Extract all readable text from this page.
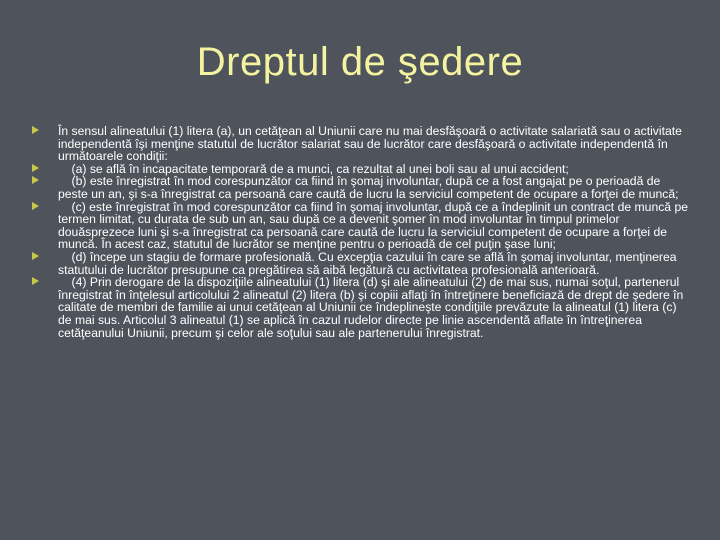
Dreptul de şedere
În sensul alineatului (1) litera (a), un cetăţean al Uniunii care nu mai desfăşoară o activitate salariată sau o activitate independentă îşi menţine statutul de lucrător salariat sau de lucrător care desfăşoară o activitate independentă în următoarele condiţii:
(a) se află în incapacitate temporară de a munci, ca rezultat al unei boli sau al unui accident;
(b) este înregistrat în mod corespunzător ca fiind în şomaj involuntar, după ce a fost angajat pe o perioadă de peste un an, şi s-a înregistrat ca persoană care caută de lucru la serviciul competent de ocupare a forţei de muncă;
(c) este înregistrat în mod corespunzător ca fiind în şomaj involuntar, după ce a îndeplinit un contract de muncă pe termen limitat, cu durata de sub un an, sau după ce a devenit şomer în mod involuntar în timpul primelor douăsprezece luni şi s-a înregistrat ca persoană care caută de lucru la serviciul competent de ocupare a forţei de muncă. În acest caz, statutul de lucrător se menţine pentru o perioadă de cel puţin şase luni;
(d) începe un stagiu de formare profesională. Cu excepţia cazului în care se află în şomaj involuntar, menţinerea statutului de lucrător presupune ca pregătirea să aibă legătură cu activitatea profesională anterioară.
(4) Prin derogare de la dispoziţiile alineatului (1) litera (d) şi ale alineatului (2) de mai sus, numai soţul, partenerul înregistrat în înţelesul articolului 2 alineatul (2) litera (b) şi copiii aflaţi în întreţinere beneficiază de drept de şedere în calitate de membri de familie ai unui cetăţean al Uniunii ce îndeplineşte condiţiile prevăzute la alineatul (1) litera (c) de mai sus. Articolul 3 alineatul (1) se aplică în cazul rudelor directe pe linie ascendentă aflate în întreţinerea cetăţeanului Uniunii, precum şi celor ale soţului sau ale partenerului înregistrat.
